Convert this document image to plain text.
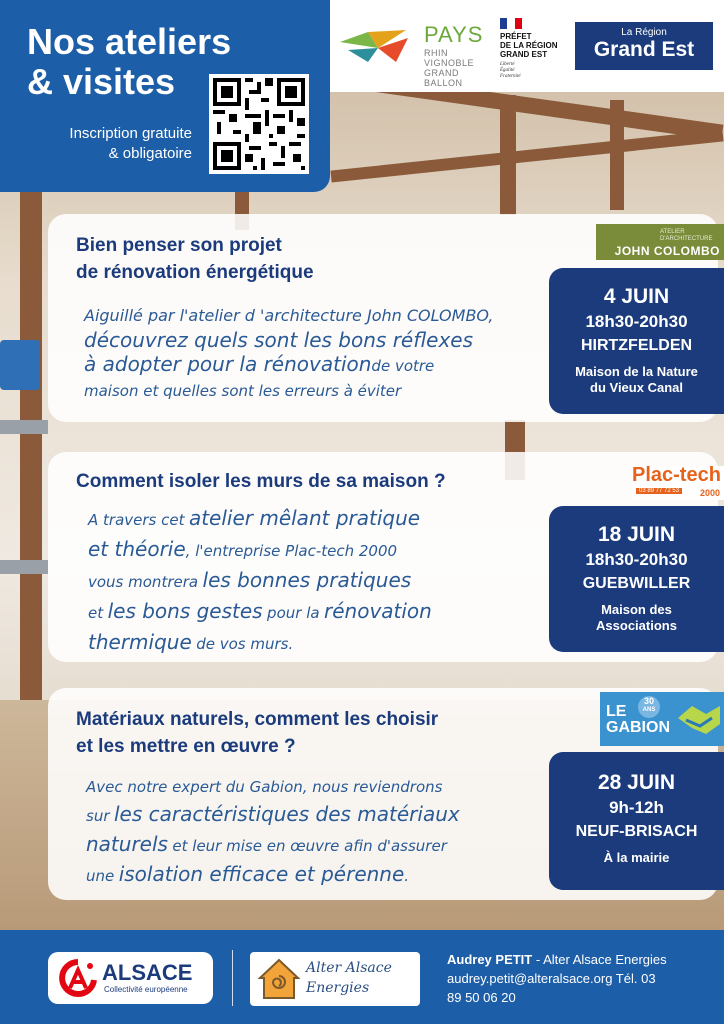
Nos ateliers
& visites
Inscription gratuite
& obligatoire
PAYS
RHIN VIGNOBLE
GRAND BALLON
PRÉFET
DE LA RÉGION
GRAND EST
Liberté
Égalité
Fraternité
La Région
Grand Est
Bien penser son projet
de rénovation énergétique
Aiguillé par l'atelier d 'architecture John COLOMBO,
découvrez quels sont les bons réflexes
à adopter pour la rénovationde votre
maison et quelles sont les erreurs à éviter
ATELIER
D'ARCHITECTURE
JOHN COLOMBO
4 JUIN
18h30-20h30
HIRTZFELDEN
Maison de la Nature
du Vieux Canal
Comment isoler les murs de sa maison ?
A travers cet atelier mêlant pratique
et théorie, l'entreprise Plac-tech 2000
vous montrera les bonnes pratiques
et les bons gestes pour la rénovation
thermique de vos murs.
Plac-tech
03 89 77 72 53	2000
18 JUIN
18h30-20h30
GUEBWILLER
Maison des
Associations
Matériaux naturels, comment les choisir
et les mettre en œuvre ?
Avec notre expert du Gabion, nous reviendrons
sur les caractéristiques des matériaux
naturels et leur mise en œuvre afin d'assurer
une isolation efficace et pérenne.
LE
GABION
30
ANS
28 JUIN
9h-12h
NEUF-BRISACH
À la mairie
ALSACE
Collectivité européenne
Alter Alsace
Energies
Audrey PETIT - Alter Alsace Energies
audrey.petit@alteralsace.org Tél. 03
89 50 06 20
